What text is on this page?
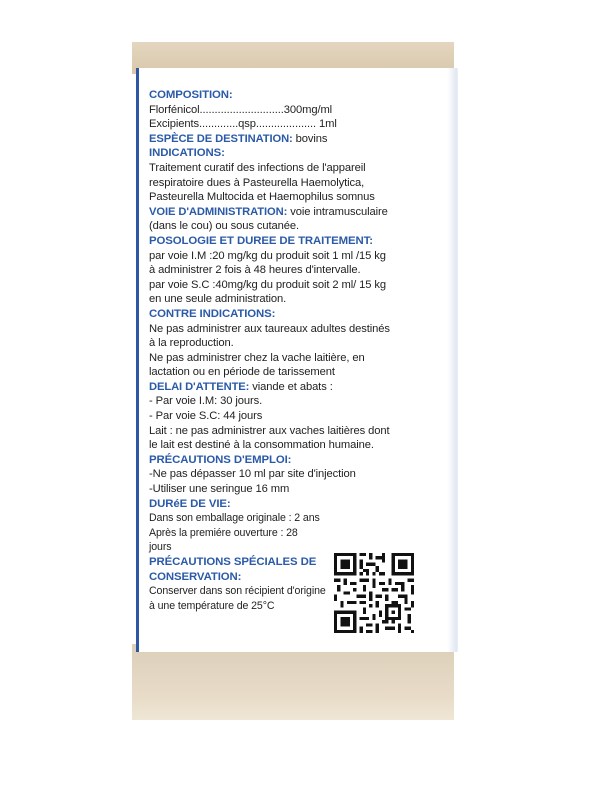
COMPOSITION:
Florfénicol............................300mg/ml
Excipients.............qsp.................... 1ml
ESPÈCE DE DESTINATION: bovins
INDICATIONS:
Traitement curatif des infections de l'appareil
respiratoire dues à Pasteurella Haemolytica,
Pasteurella Multocida et Haemophilus somnus
VOIE D'ADMINISTRATION: voie intramusculaire
(dans le cou) ou sous cutanée.
POSOLOGIE ET DUREE DE TRAITEMENT:
par voie I.M :20 mg/kg du produit soit 1 ml /15 kg
à administrer 2 fois à 48 heures d'intervalle.
par voie S.C :40mg/kg du produit soit 2 ml/ 15 kg
en une seule administration.
CONTRE INDICATIONS:
Ne pas administrer aux taureaux adultes destinés
à la reproduction.
Ne pas administrer chez la vache laitière, en
lactation ou en période de tarissement
DELAI D'ATTENTE: viande et abats :
- Par voie I.M: 30 jours.
- Par voie S.C: 44 jours
Lait : ne pas administrer aux vaches laitières dont
le lait est destiné à la consommation humaine.
PRÉCAUTIONS D'EMPLOI:
-Ne pas dépasser 10 ml par site d'injection
-Utiliser une seringue 16 mm
DURéE DE VIE:
Dans son emballage originale : 2 ans
Après la premiére ouverture : 28
jours
PRÉCAUTIONS SPÉCIALES DE
CONSERVATION:
Conserver dans son récipient d'origine
à une température de 25°C
